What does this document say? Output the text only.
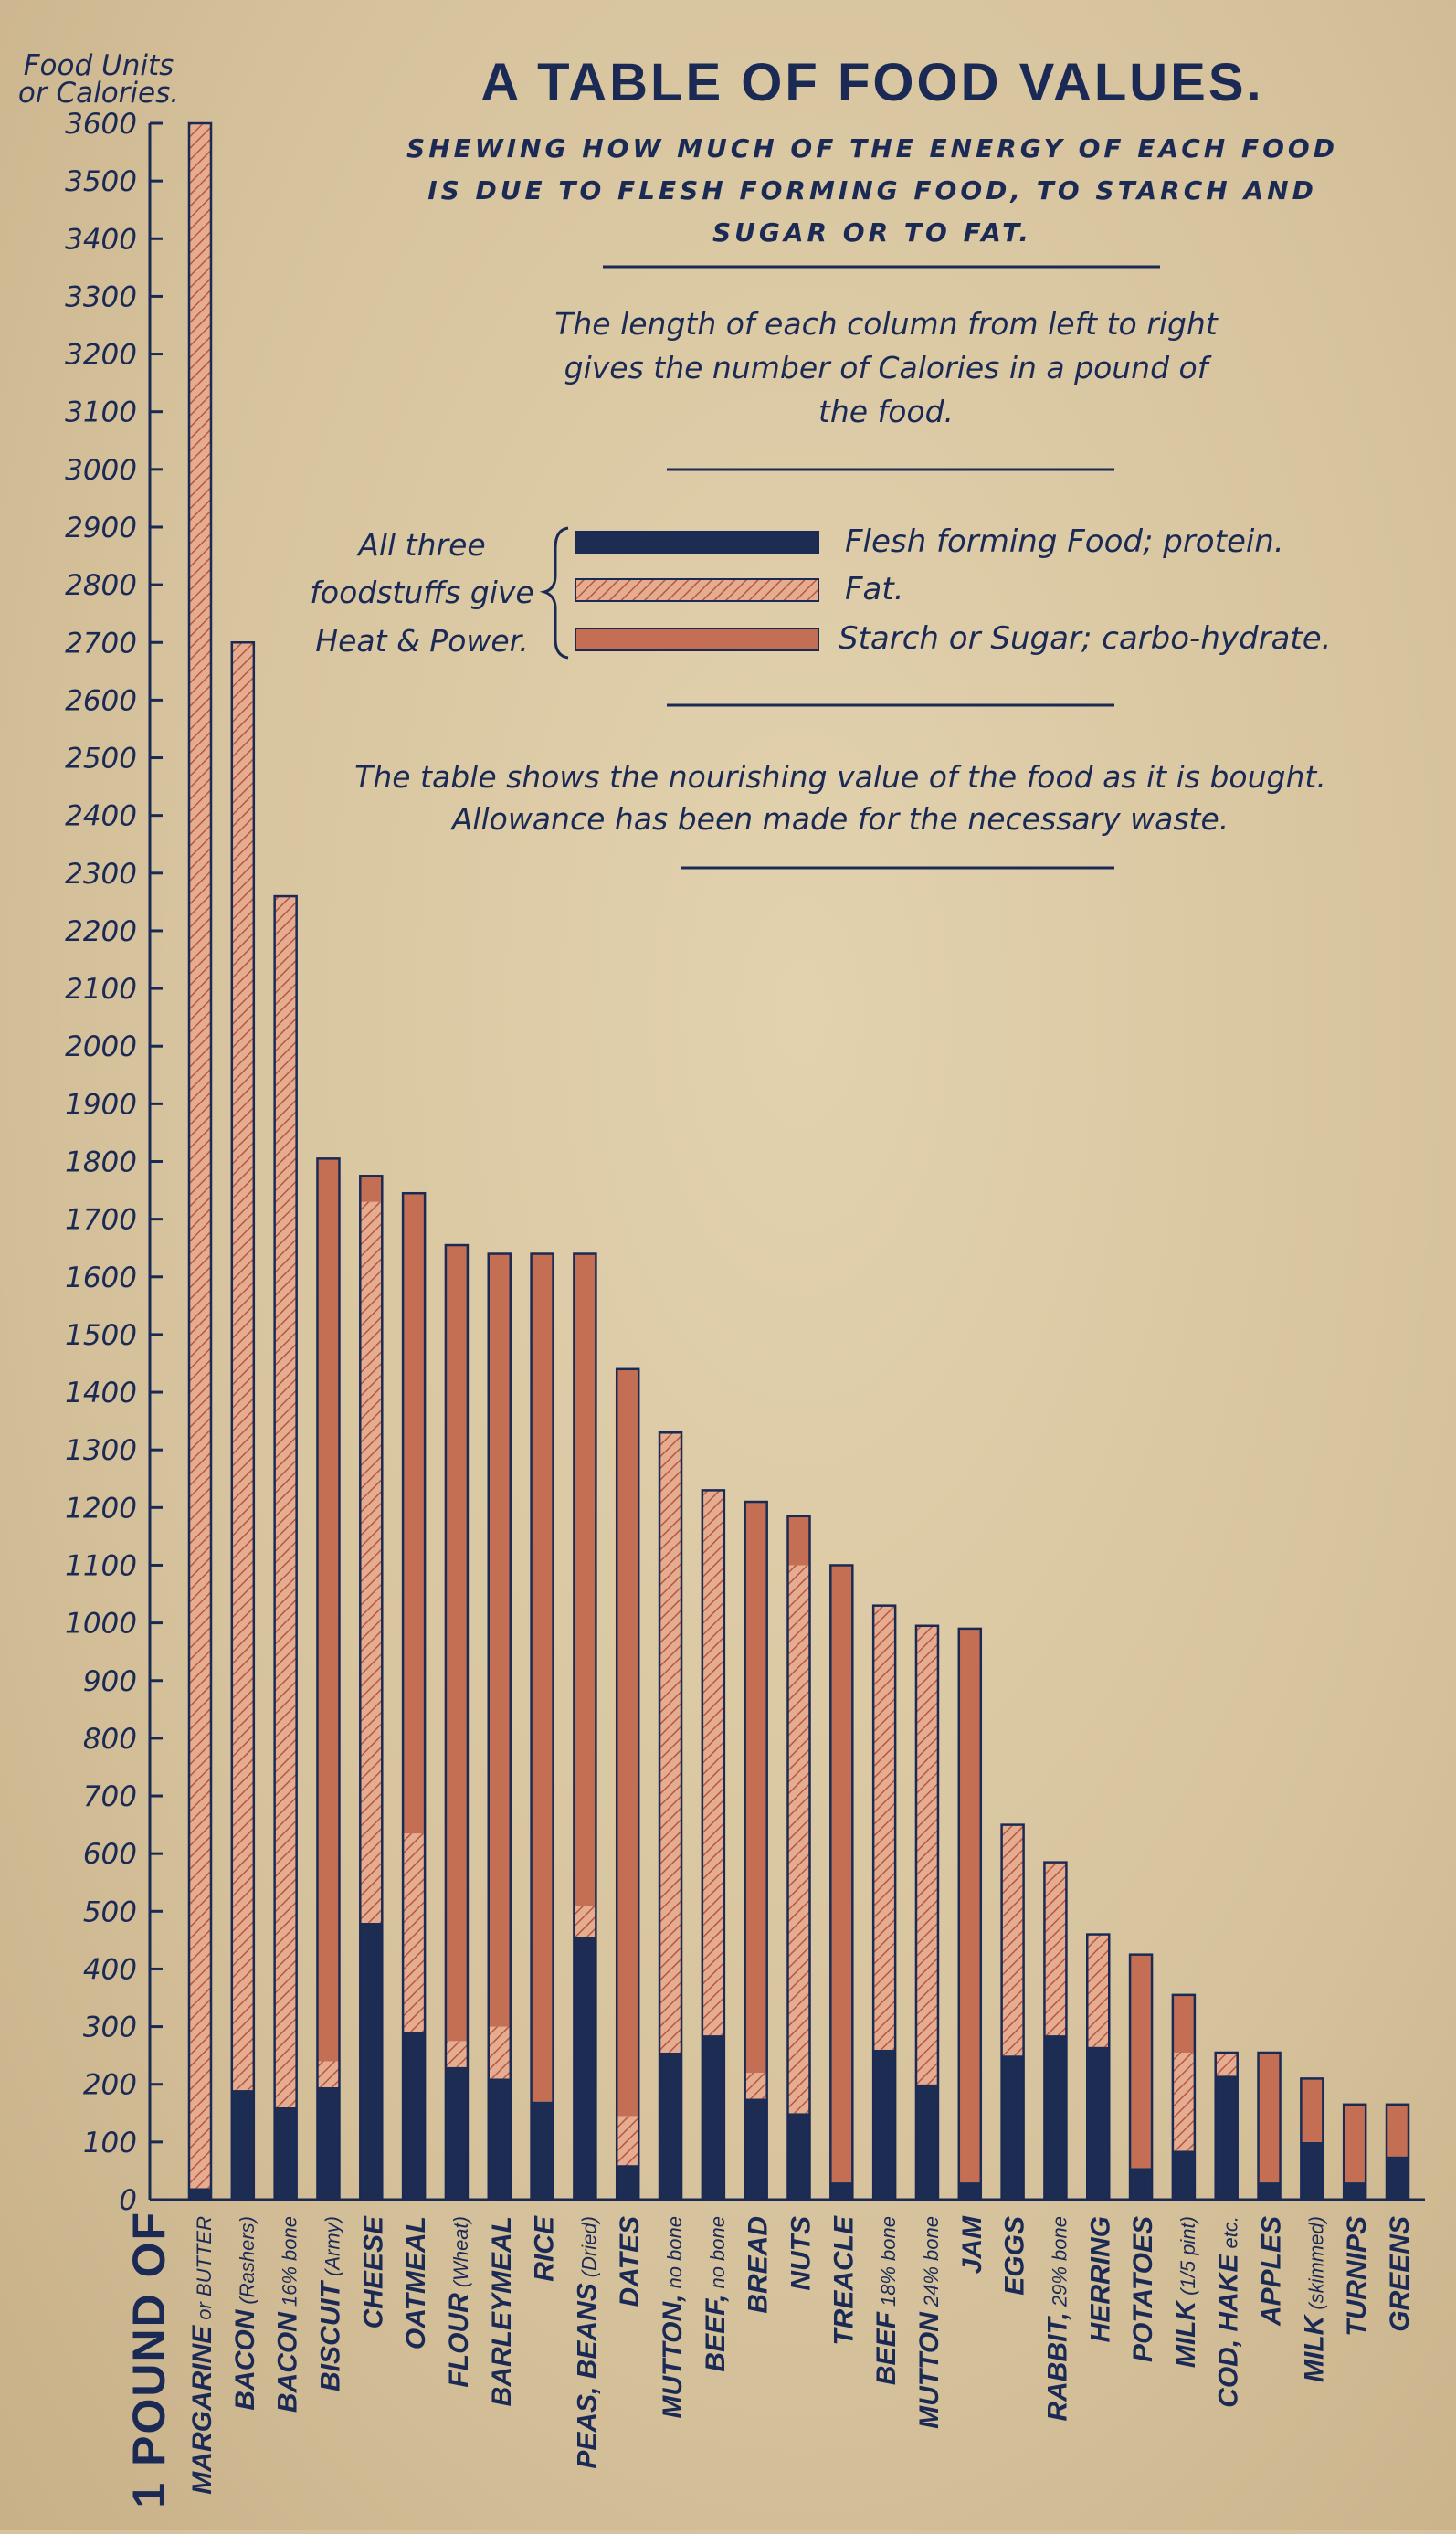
A TABLE OF FOOD VALUES.
SHEWING HOW MUCH OF THE ENERGY OF EACH FOOD
IS DUE TO FLESH FORMING FOOD, TO STARCH AND
SUGAR OR TO FAT.
The length of each column from left to right
gives the number of Calories in a pound of
the food.
All three
foodstuffs give
Heat & Power.
Flesh forming Food; protein.
Fat.
Starch or Sugar; carbo-hydrate.
The table shows the nourishing value of the food as it is bought.
Allowance has been made for the necessary waste.
Food Units
or Calories.
1 POUND OF
0
100
200
300
400
500
600
700
800
900
1000
1100
1200
1300
1400
1500
1600
1700
1800
1900
2000
2100
2200
2300
2400
2500
2600
2700
2800
2900
3000
3100
3200
3300
3400
3500
3600
MARGARINEor BUTTER
BACON(Rashers)
BACON16% bone
BISCUIT(Army) CHEESE OATMEAL FLOUR(Wheat) BARLEYMEAL RICE
PEAS, BEANS(Dried) DATES
MUTTON,no bone
BEEF,no bone BREAD NUTS TREACLE
BEEF18% bone
MUTTON24% bone JAM EGGS
RABBIT,29% bone HERRING POTATOES MILK(1/5 pint) COD, HAKEetc. APPLES
MILK(skimmed) TURNIPS GREENS
